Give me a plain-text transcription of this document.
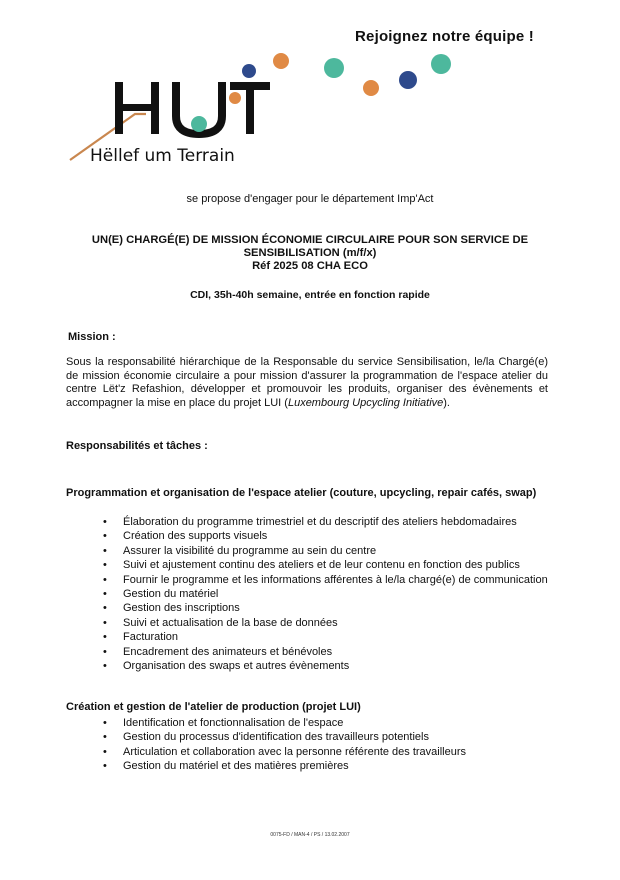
Rejoignez notre équipe !
Hëllef um Terrain
se propose d'engager pour le département Imp'Act
UN(E) CHARGÉ(E) DE MISSION ÉCONOMIE CIRCULAIRE POUR SON SERVICE DE
SENSIBILISATION (m/f/x)
Réf 2025 08 CHA ECO
CDI, 35h-40h semaine, entrée en fonction rapide
Mission :
Sous la responsabilité hiérarchique de la Responsable du service Sensibilisation, le/la Chargé(e) de mission économie circulaire a pour mission d'assurer la programmation de l'espace atelier du centre Lët'z Refashion, développer et promouvoir les produits, organiser des évènements et accompagner la mise en place du projet LUI (Luxembourg Upcycling Initiative).
Responsabilités et tâches :
Programmation et organisation de l'espace atelier (couture, upcycling, repair cafés, swap)
• Élaboration du programme trimestriel et du descriptif des ateliers hebdomadaires
• Création des supports visuels
• Assurer la visibilité du programme au sein du centre
• Suivi et ajustement continu des ateliers et de leur contenu en fonction des publics
• Fournir le programme et les informations afférentes à le/la chargé(e) de communication
• Gestion du matériel
• Gestion des inscriptions
• Suivi et actualisation de la base de données
• Facturation
• Encadrement des animateurs et bénévoles
• Organisation des swaps et autres évènements
Création et gestion de l'atelier de production (projet LUI)
• Identification et fonctionnalisation de l'espace
• Gestion du processus d'identification des travailleurs potentiels
• Articulation et collaboration avec la personne référente des travailleurs
• Gestion du matériel et des matières premières
0075-FD / MAN-4 / PS / 13.02.2007
